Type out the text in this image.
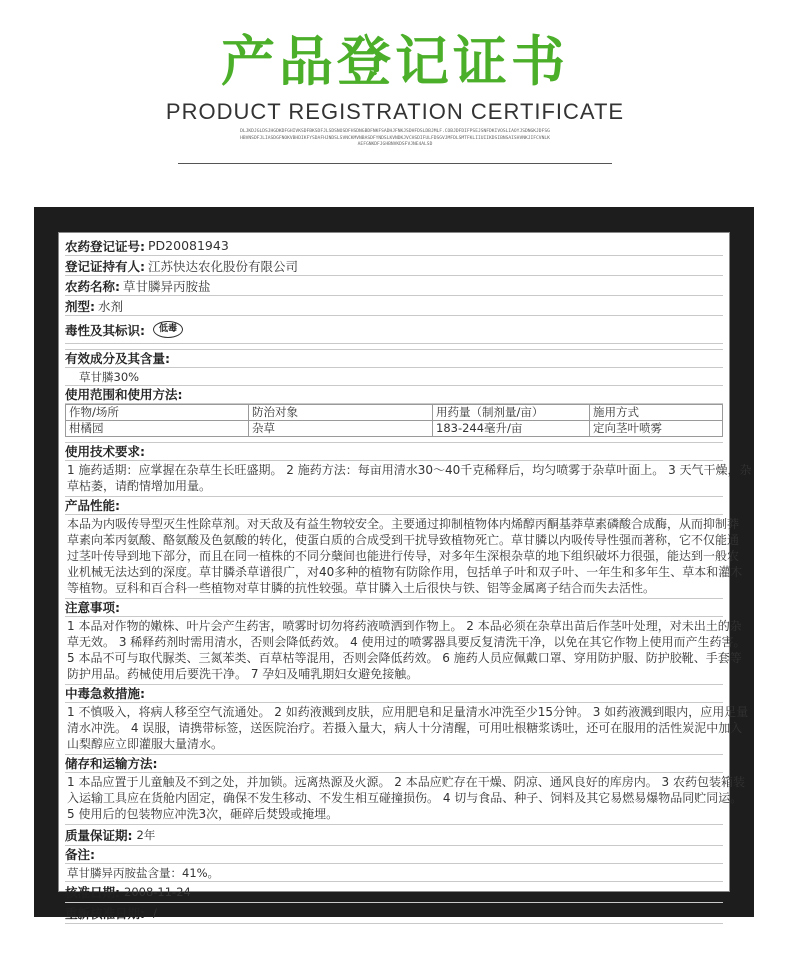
产品登记证书
PRODUCT REGISTRATION CERTIFICATE
DLJKDJGLDSJHGDKDFGHIVKSDFBKSDFJLSDSNOSDFHSDNGBDFNKFSADHJFNKJSDHFDSLDBJMLF.COBJDFDIFPSEJSNFDKIVOSLIAOYJSDNGKJDFSGHBVNSDFJLIASDGFNOKVBHDIKFYSDAFHJNDSLSVNCKMVNBASDFYNDSLKVNDKJVCHSDIFULFDSGVJMFDLSMTFKLIIUIIKDSIBNSAISHVNKJIFCVNLKAEFGNKDFJGHBNVKDSFVJNE4ALSD
农药登记证号: PD20081943
登记证持有人: 江苏快达农化股份有限公司
农药名称: 草甘膦异丙胺盐
剂型: 水剂
毒性及其标识:	低毒
有效成分及其含量:
草甘膦30%
使用范围和使用方法:
作物/场所	防治对象	用药量（制剂量/亩）	施用方式
柑橘园	杂草	183-244毫升/亩	定向茎叶喷雾
使用技术要求:
1 施药适期：应掌握在杂草生长旺盛期。 2 施药方法：每亩用清水30～40千克稀释后，均匀喷雾于杂草叶面上。 3 天气干燥，杂
草枯萎，请酌情增加用量。
产品性能:
本品为内吸传导型灭生性除草剂。对天敌及有益生物较安全。主要通过抑制植物体内烯醇丙酮基莽草素磷酸合成酶，从而抑制莽
草素向苯丙氨酸、酪氨酸及色氨酸的转化，使蛋白质的合成受到干扰导致植物死亡。草甘膦以内吸传导性强而著称，它不仅能通
过茎叶传导到地下部分，而且在同一植株的不同分蘖间也能进行传导，对多年生深根杂草的地下组织破坏力很强，能达到一般农
业机械无法达到的深度。草甘膦杀草谱很广，对40多种的植物有防除作用，包括单子叶和双子叶、一年生和多年生、草本和灌木
等植物。豆科和百合科一些植物对草甘膦的抗性较强。草甘膦入土后很快与铁、铝等金属离子结合而失去活性。
注意事项:
1 本品对作物的嫩株、叶片会产生药害，喷雾时切勿将药液喷洒到作物上。 2 本品必须在杂草出苗后作茎叶处理，对未出土的杂
草无效。 3 稀释药剂时需用清水，否则会降低药效。 4 使用过的喷雾器具要反复清洗干净，以免在其它作物上使用而产生药害。
5 本品不可与取代脲类、三氮苯类、百草枯等混用，否则会降低药效。 6 施药人员应佩戴口罩、穿用防护服、防护胶靴、手套等
防护用品。药械使用后要洗干净。 7 孕妇及哺乳期妇女避免接触。
中毒急救措施:
1 不慎吸入，将病人移至空气流通处。 2 如药液溅到皮肤，应用肥皂和足量清水冲洗至少15分钟。 3 如药液溅到眼内，应用足量
清水冲洗。 4 误服，请携带标签，送医院治疗。若摄入量大，病人十分清醒，可用吐根糖浆诱吐，还可在服用的活性炭泥中加入
山梨醇应立即灌服大量清水。
储存和运输方法:
1 本品应置于儿童触及不到之处，并加锁。远离热源及火源。 2 本品应贮存在干燥、阴凉、通风良好的库房内。 3 农药包装箱装
入运输工具应在货舱内固定，确保不发生移动、不发生相互碰撞损伤。 4 切与食品、种子、饲料及其它易燃易爆物品同贮同运。
5 使用后的包装物应冲洗3次，砸碎后焚毁或掩埋。
质量保证期: 2年
备注:
草甘膦异丙胺盐含量：41%。
核准日期: 2008-11-24
重新核准日期: /
